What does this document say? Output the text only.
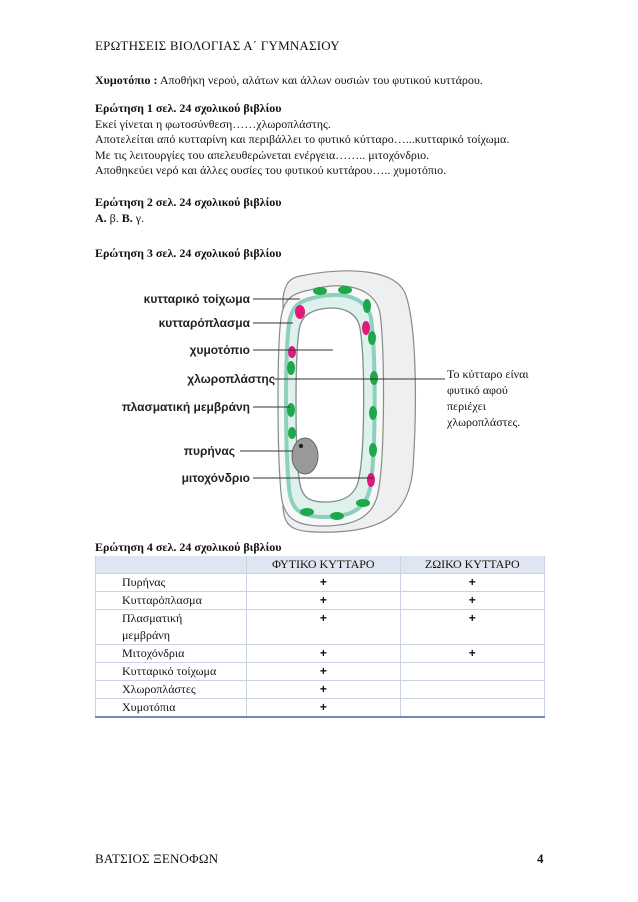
ΕΡΩΤΗΣΕΙΣ ΒΙΟΛΟΓΙΑΣ Α΄ ΓΥΜΝΑΣΙΟΥ
Χυμοτόπιο : Αποθήκη νερού, αλάτων και άλλων ουσιών του φυτικού κυττάρου.
Ερώτηση 1 σελ. 24 σχολικού βιβλίου
Εκεί γίνεται η φωτοσύνθεση……χλωροπλάστης.
Αποτελείται από κυτταρίνη και περιβάλλει το φυτικό κύτταρο…...κυτταρικό τοίχωμα.
Με τις λειτουργίες του απελευθερώνεται ενέργεια…….. μιτοχόνδριο.
Αποθηκεύει νερό και άλλες ουσίες του φυτικού κυττάρου….. χυμοτόπιο.
Ερώτηση 2 σελ. 24 σχολικού βιβλίου
Α. β. Β. γ.
Ερώτηση 3 σελ. 24 σχολικού βιβλίου
κυτταρικό τοίχωμα
κυτταρόπλασμα
χυμοτόπιο
χλωροπλάστης
πλασματική μεμβράνη
πυρήνας
μιτοχόνδριο
Το κύτταρο είναι
φυτικό αφού
περιέχει
χλωροπλάστες.
Ερώτηση 4 σελ. 24 σχολικού βιβλίου
	ΦΥΤΙΚΟ ΚΥΤΤΑΡΟ	ΖΩΙΚΟ ΚΥΤΤΑΡΟ
Πυρήνας	+	+
Κυτταρόπλασμα	+	+

Πλασματική
μεμβράνη	+	+
Μιτοχόνδρια	+	+
Κυτταρικό τοίχωμα	+	
Χλωροπλάστες	+	
Χυμοτόπια	+	
ΒΑΤΣΙΟΣ ΞΕΝΟΦΩΝ	4
